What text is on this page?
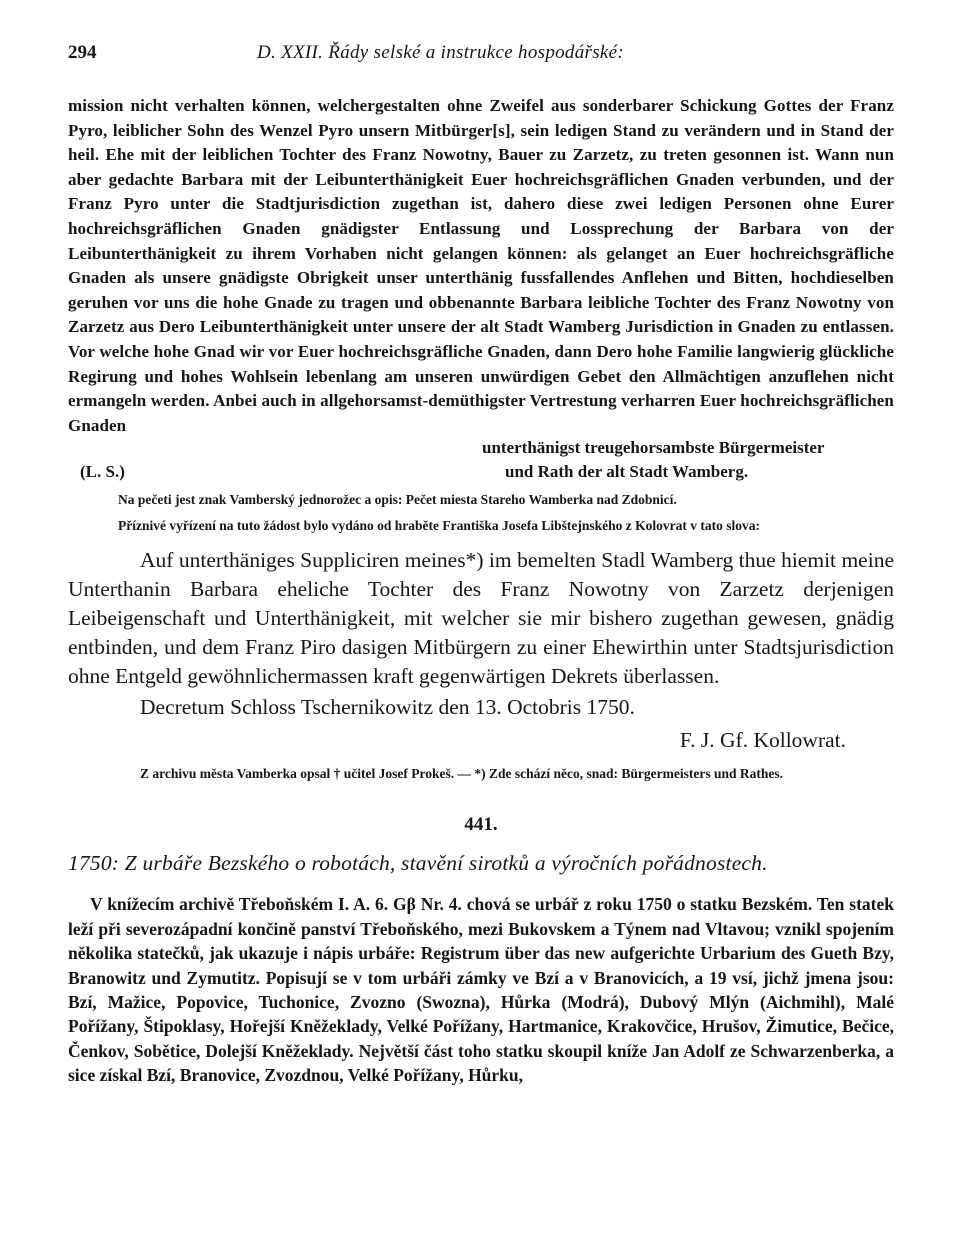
294	D. XXII. Řády selské a instrukce hospodářské:

mission nicht verhalten können, welchergestalten ohne Zweifel aus sonderbarer Schickung Gottes der Franz Pyro, leiblicher Sohn des Wenzel Pyro unsern Mitbürger[s], sein ledigen Stand zu verändern und in Stand der heil. Ehe mit der leiblichen Tochter des Franz Nowotny, Bauer zu Zarzetz, zu treten gesonnen ist. Wann nun aber gedachte Barbara mit der Leibunterthänigkeit Euer hochreichsgräflichen Gnaden verbunden, und der Franz Pyro unter die Stadtjurisdiction zugethan ist, dahero diese zwei ledigen Personen ohne Eurer hochreichsgräflichen Gnaden gnädigster Entlassung und Lossprechung der Barbara von der Leibunterthänigkeit zu ihrem Vorhaben nicht gelangen können: als gelanget an Euer hochreichsgräfliche Gnaden als unsere gnädigste Obrigkeit unser unterthänig fussfallendes Anflehen und Bitten, hochdieselben geruhen vor uns die hohe Gnade zu tragen und obbenannte Barbara leibliche Tochter des Franz Nowotny von Zarzetz aus Dero Leibunterthänigkeit unter unsere der alt Stadt Wamberg Jurisdiction in Gnaden zu entlassen. Vor welche hohe Gnad wir vor Euer hochreichsgräfliche Gnaden, dann Dero hohe Familie langwierig glückliche Regirung und hohes Wohlsein lebenlang am unseren unwürdigen Gebet den Allmächtigen anzuflehen nicht ermangeln werden. Anbei auch in allgehorsamst-demüthigster Vertrestung verharren Euer hochreichsgräflichen Gnaden

unterthänigst treugehorsambste Bürgermeister
(L. S.)	und Rath der alt Stadt Wamberg.

Na pečeti jest znak Vamberský jednorožec a opis: Pečet miesta Stareho Wamberka nad Zdobnicí.

Příznivé vyřízení na tuto žádost bylo vydáno od hraběte Františka Josefa Libštejnského z Kolovrat v tato slova:

Auf unterthäniges Suppliciren meines*) im bemelten Stadl Wamberg thue hiemit meine Unterthanin Barbara eheliche Tochter des Franz Nowotny von Zarzetz derjenigen Leibeigenschaft und Unterthänigkeit, mit welcher sie mir bishero zugethan gewesen, gnädig entbinden, und dem Franz Piro dasigen Mitbürgern zu einer Ehewirthin unter Stadtsjurisdiction ohne Entgeld gewöhnlichermassen kraft gegenwärtigen Dekrets überlassen.

Decretum Schloss Tschernikowitz den 13. Octobris 1750.

F. J. Gf. Kollowrat.

Z archivu města Vamberka opsal † učitel Josef Prokeš. — *) Zde schází něco, snad: Bürgermeisters und Rathes.

441.
1750: Z urbáře Bezského o robotách, stavění sirotků a výročních pořádnostech.

V knížecím archivě Třeboňském I. A. 6. Gβ Nr. 4. chová se urbář z roku 1750 o statku Bezském. Ten statek leží při severozápadní končině panství Třeboňského, mezi Bukovskem a Týnem nad Vltavou; vznikl spojením několika statečků, jak ukazuje i nápis urbáře: Registrum über das new aufgerichte Urbarium des Gueth Bzy, Branowitz und Zymutitz. Popisují se v tom urbáři zámky ve Bzí a v Branovicích, a 19 vsí, jichž jmena jsou: Bzí, Mažice, Popovice, Tuchonice, Zvozno (Swozna), Hůrka (Modrá), Dubový Mlýn (Aichmihl), Malé Pořížany, Štipoklasy, Hořejší Kněžeklady, Velké Pořížany, Hartmanice, Krakovčice, Hrušov, Žimutice, Bečice, Čenkov, Sobětice, Dolejší Kněžeklady. Největší část toho statku skoupil kníže Jan Adolf ze Schwarzenberka, a sice získal Bzí, Branovice, Zvozdnou, Velké Pořížany, Hůrku,
